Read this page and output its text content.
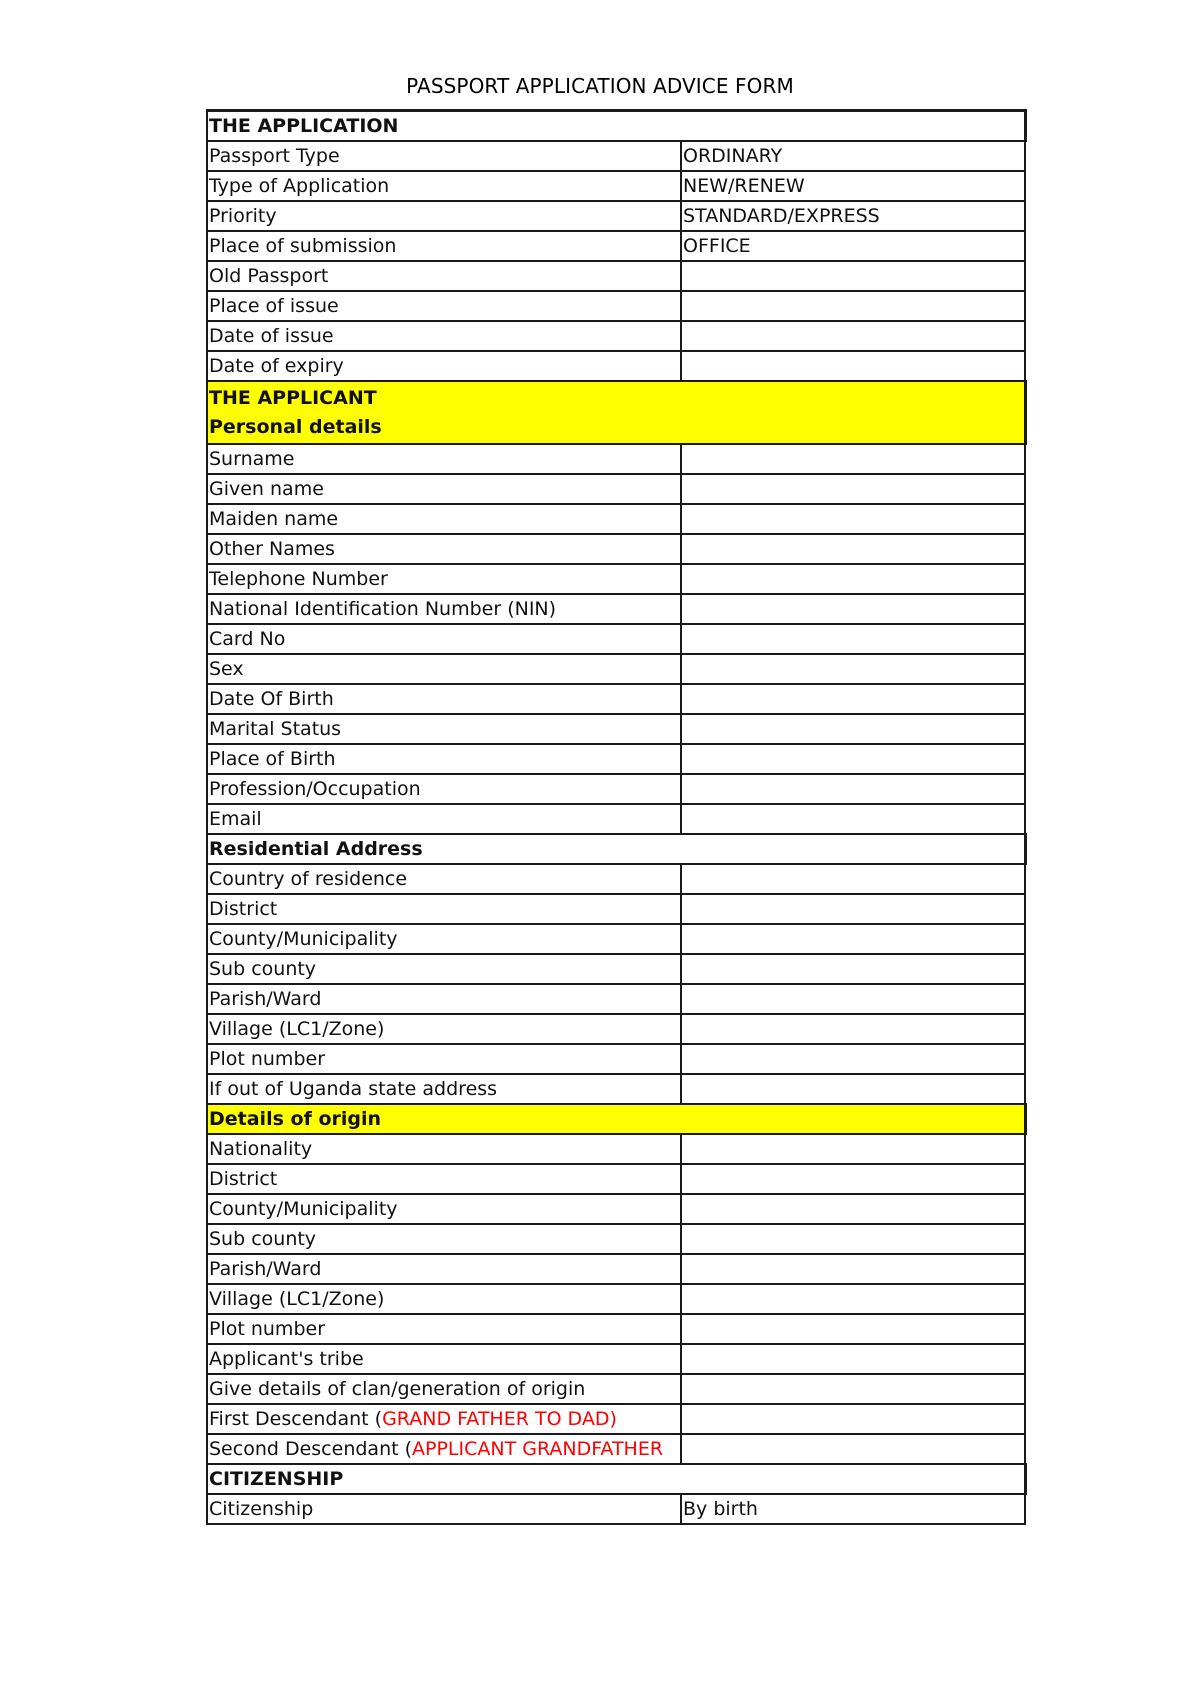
PASSPORT APPLICATION ADVICE FORM
THE APPLICATION	
Passport Type	ORDINARY
Type of Application	NEW/RENEW
Priority	STANDARD/EXPRESS
Place of submission	OFFICE
Old Passport	
Place of issue	
Date of issue	
Date of expiry	
THE APPLICANT
Personal details	
Surname	
Given name	
Maiden name	
Other Names	
Telephone Number	
National Identification Number (NIN)	
Card No	
Sex	
Date Of Birth	
Marital Status	
Place of Birth	
Profession/Occupation	
Email	
Residential Address	
Country of residence	
District	
County/Municipality	
Sub county	
Parish/Ward	
Village (LC1/Zone)	
Plot number	
If out of Uganda state address	
Details of origin	
Nationality	
District	
County/Municipality	
Sub county	
Parish/Ward	
Village (LC1/Zone)	
Plot number	
Applicant's tribe	
Give details of clan/generation of origin	
First Descendant (GRAND FATHER TO DAD)	
Second Descendant (APPLICANT GRANDFATHER	
CITIZENSHIP	
Citizenship	By birth
